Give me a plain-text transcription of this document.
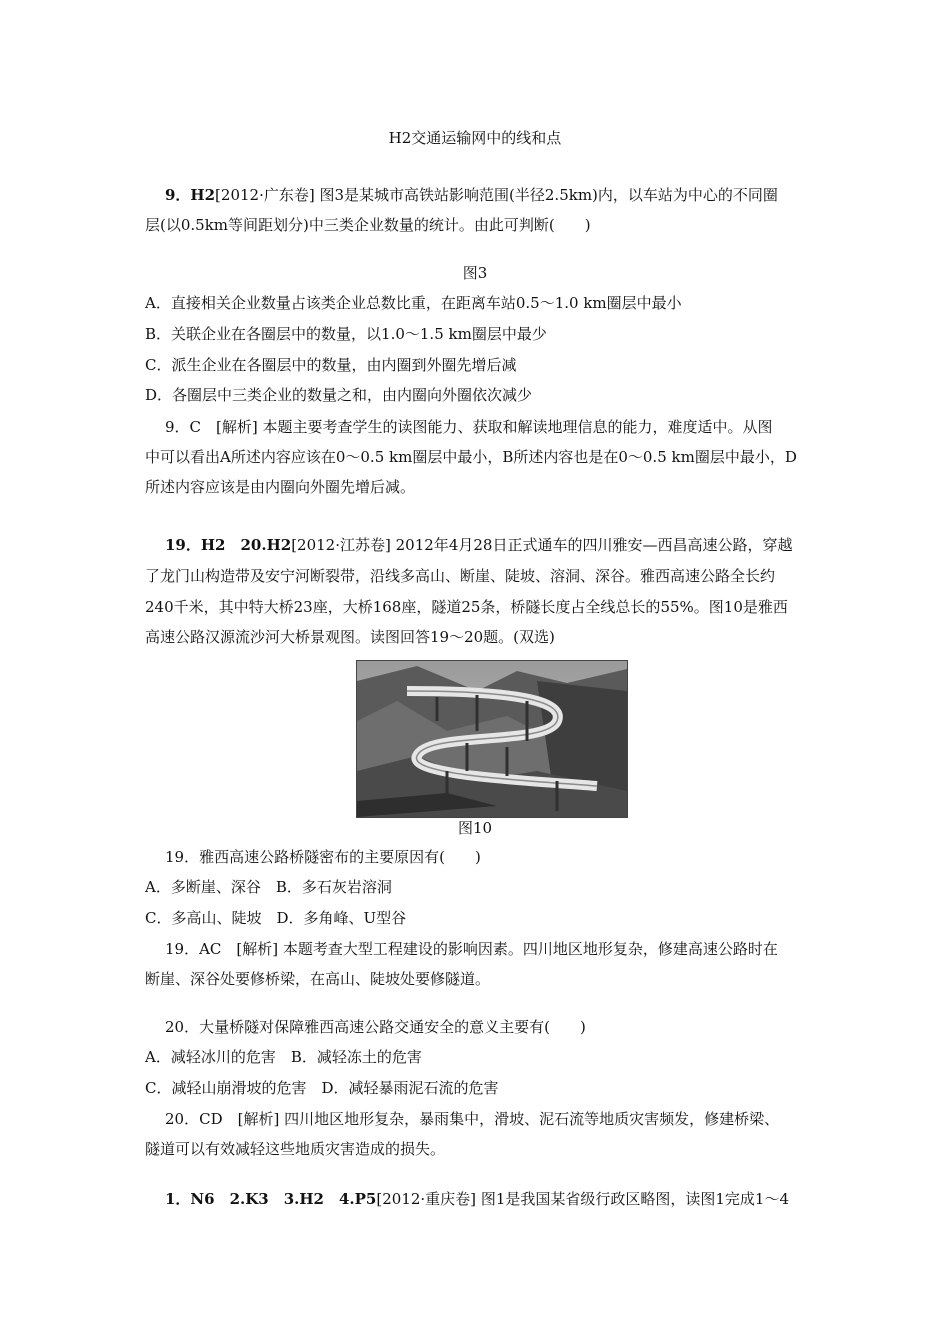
H2交通运输网中的线和点
9．H2[2012·广东卷] 图3是某城市高铁站影响范围(半径2.5km)内，以车站为中心的不同圈
层(以0.5km等间距划分)中三类企业数量的统计。由此可判断(　　)
图3
A．直接相关企业数量占该类企业总数比重，在距离车站0.5～1.0 km圈层中最小
B．关联企业在各圈层中的数量，以1.0～1.5 km圈层中最少
C．派生企业在各圈层中的数量，由内圈到外圈先增后减
D．各圈层中三类企业的数量之和，由内圈向外圈依次减少
9．C　[解析] 本题主要考查学生的读图能力、获取和解读地理信息的能力，难度适中。从图
中可以看出A所述内容应该在0～0.5 km圈层中最小，B所述内容也是在0～0.5 km圈层中最小，D
所述内容应该是由内圈向外圈先增后减。
19．H2　20.H2[2012·江苏卷] 2012年4月28日正式通车的四川雅安—西昌高速公路，穿越
了龙门山构造带及安宁河断裂带，沿线多高山、断崖、陡坡、溶洞、深谷。雅西高速公路全长约
240千米，其中特大桥23座，大桥168座，隧道25条，桥隧长度占全线总长的55%。图10是雅西
高速公路汉源流沙河大桥景观图。读图回答19～20题。(双选)
图10
19．雅西高速公路桥隧密布的主要原因有(　　)
A．多断崖、深谷　B．多石灰岩溶洞
C．多高山、陡坡　D．多角峰、U型谷
19．AC　[解析] 本题考查大型工程建设的影响因素。四川地区地形复杂，修建高速公路时在
断崖、深谷处要修桥梁，在高山、陡坡处要修隧道。
20．大量桥隧对保障雅西高速公路交通安全的意义主要有(　　)
A．减轻冰川的危害　B．减轻冻土的危害
C．减轻山崩滑坡的危害　D．减轻暴雨泥石流的危害
20．CD　[解析] 四川地区地形复杂，暴雨集中，滑坡、泥石流等地质灾害频发，修建桥梁、
隧道可以有效减轻这些地质灾害造成的损失。
1．N6　2.K3　3.H2　4.P5[2012·重庆卷] 图1是我国某省级行政区略图，读图1完成1～4
